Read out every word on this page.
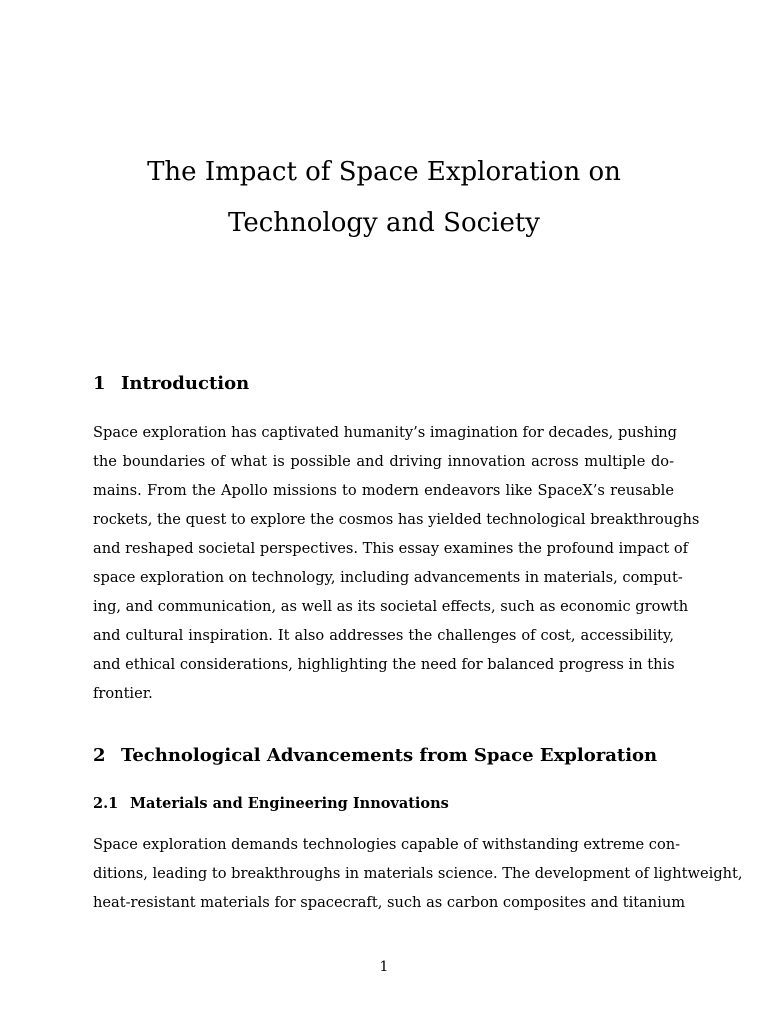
The Impact of Space Exploration on
Technology and Society
1 Introduction
Space exploration has captivated humanity’s imagination for decades, pushing
the boundaries of what is possible and driving innovation across multiple do-
mains. From the Apollo missions to modern endeavors like SpaceX’s reusable
rockets, the quest to explore the cosmos has yielded technological breakthroughs
and reshaped societal perspectives. This essay examines the profound impact of
space exploration on technology, including advancements in materials, comput-
ing, and communication, as well as its societal effects, such as economic growth
and cultural inspiration. It also addresses the challenges of cost, accessibility,
and ethical considerations, highlighting the need for balanced progress in this
frontier.
2 Technological Advancements from Space Exploration
2.1 Materials and Engineering Innovations
Space exploration demands technologies capable of withstanding extreme con-
ditions, leading to breakthroughs in materials science. The development of lightweight,
heat-resistant materials for spacecraft, such as carbon composites and titanium
1
